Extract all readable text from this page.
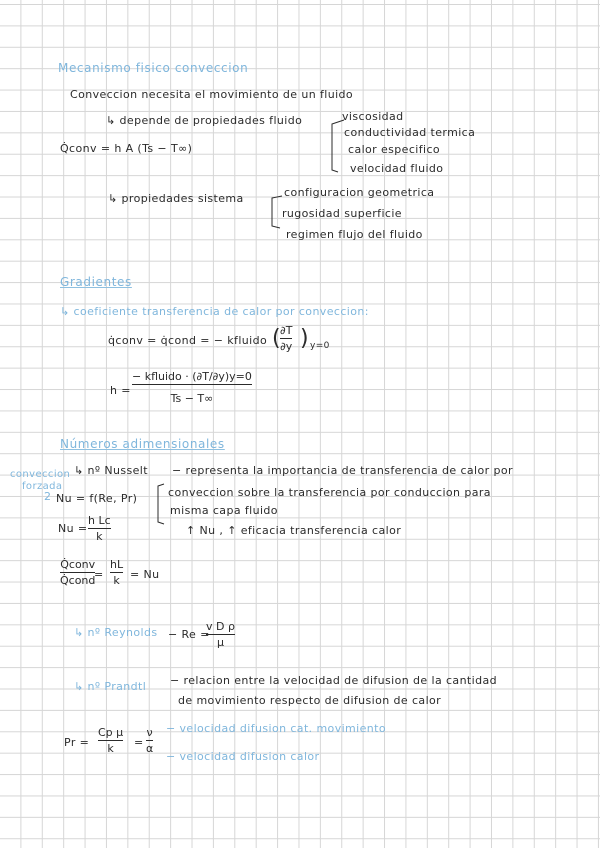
Mecanismo fisico conveccion
Conveccion necesita el movimiento de un fluido
↳ depende de propiedades fluido	viscosidad
conductividad termica
calor especifico
velocidad fluido
Q̇conv = h A (Ts − T∞)
↳ propiedades sistema	configuracion geometrica
rugosidad superficie
regimen flujo del fluido
Gradientes
↳ coeficiente transferencia de calor por conveccion:
q̇conv = q̇cond = − kfluido ( ∂T
∂y ) y=0
h =
− kfluido · (∂T/∂y)y=0
Ts − T∞
Números adimensionales
conveccion
forzada
↳ nº Nusselt − representa la importancia de transferencia de calor por
2 Nu = f(Re, Pr)	conveccion sobre la transferencia por conduccion para
misma capa fluido
↑ Nu , ↑ eficacia transferencia calor
Nu =
h Lc
k
Q̇conv
Q̇cond
=
hL
k = Nu
↳ nº Reynolds − Re =
v D ρ
μ
↳ nº Prandtl − relacion entre la velocidad de difusion de la cantidad
de movimiento respecto de difusion de calor
Pr =
Cp μ
k =
ν
α
− velocidad difusion cat. movimiento
− velocidad difusion calor
